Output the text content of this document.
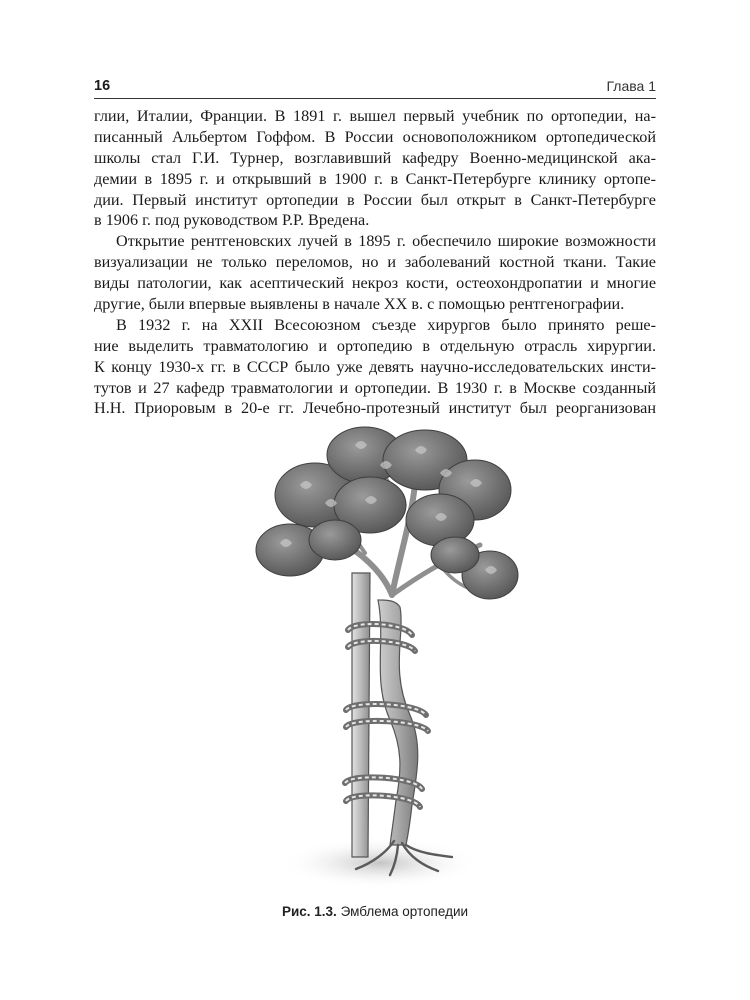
16	Глава 1
глии, Италии, Франции. В 1891 г. вышел первый учебник по ортопедии, на-
писанный Альбертом Гоффом. В России основоположником ортопедической
школы стал Г.И. Турнер, возглавивший кафедру Военно-медицинской ака-
демии в 1895 г. и открывший в 1900 г. в Санкт-Петербурге клинику ортопе-
дии. Первый институт ортопедии в России был открыт в Санкт-Петербурге
в 1906 г. под руководством Р.Р. Вредена.
Открытие рентгеновских лучей в 1895 г. обеспечило широкие возможности
визуализации не только переломов, но и заболеваний костной ткани. Такие
виды патологии, как асептический некроз кости, остеохондропатии и многие
другие, были впервые выявлены в начале XX в. с помощью рентгенографии.
В 1932 г. на XXII Всесоюзном съезде хирургов было принято реше-
ние выделить травматологию и ортопедию в отдельную отрасль хирургии.
К концу 1930-х гг. в СССР было уже девять научно-исследовательских инсти-
тутов и 27 кафедр травматологии и ортопедии. В 1930 г. в Москве созданный
Н.Н. Приоровым в 20-е гг. Лечебно-протезный институт был реорганизован
Рис. 1.3. Эмблема ортопедии
